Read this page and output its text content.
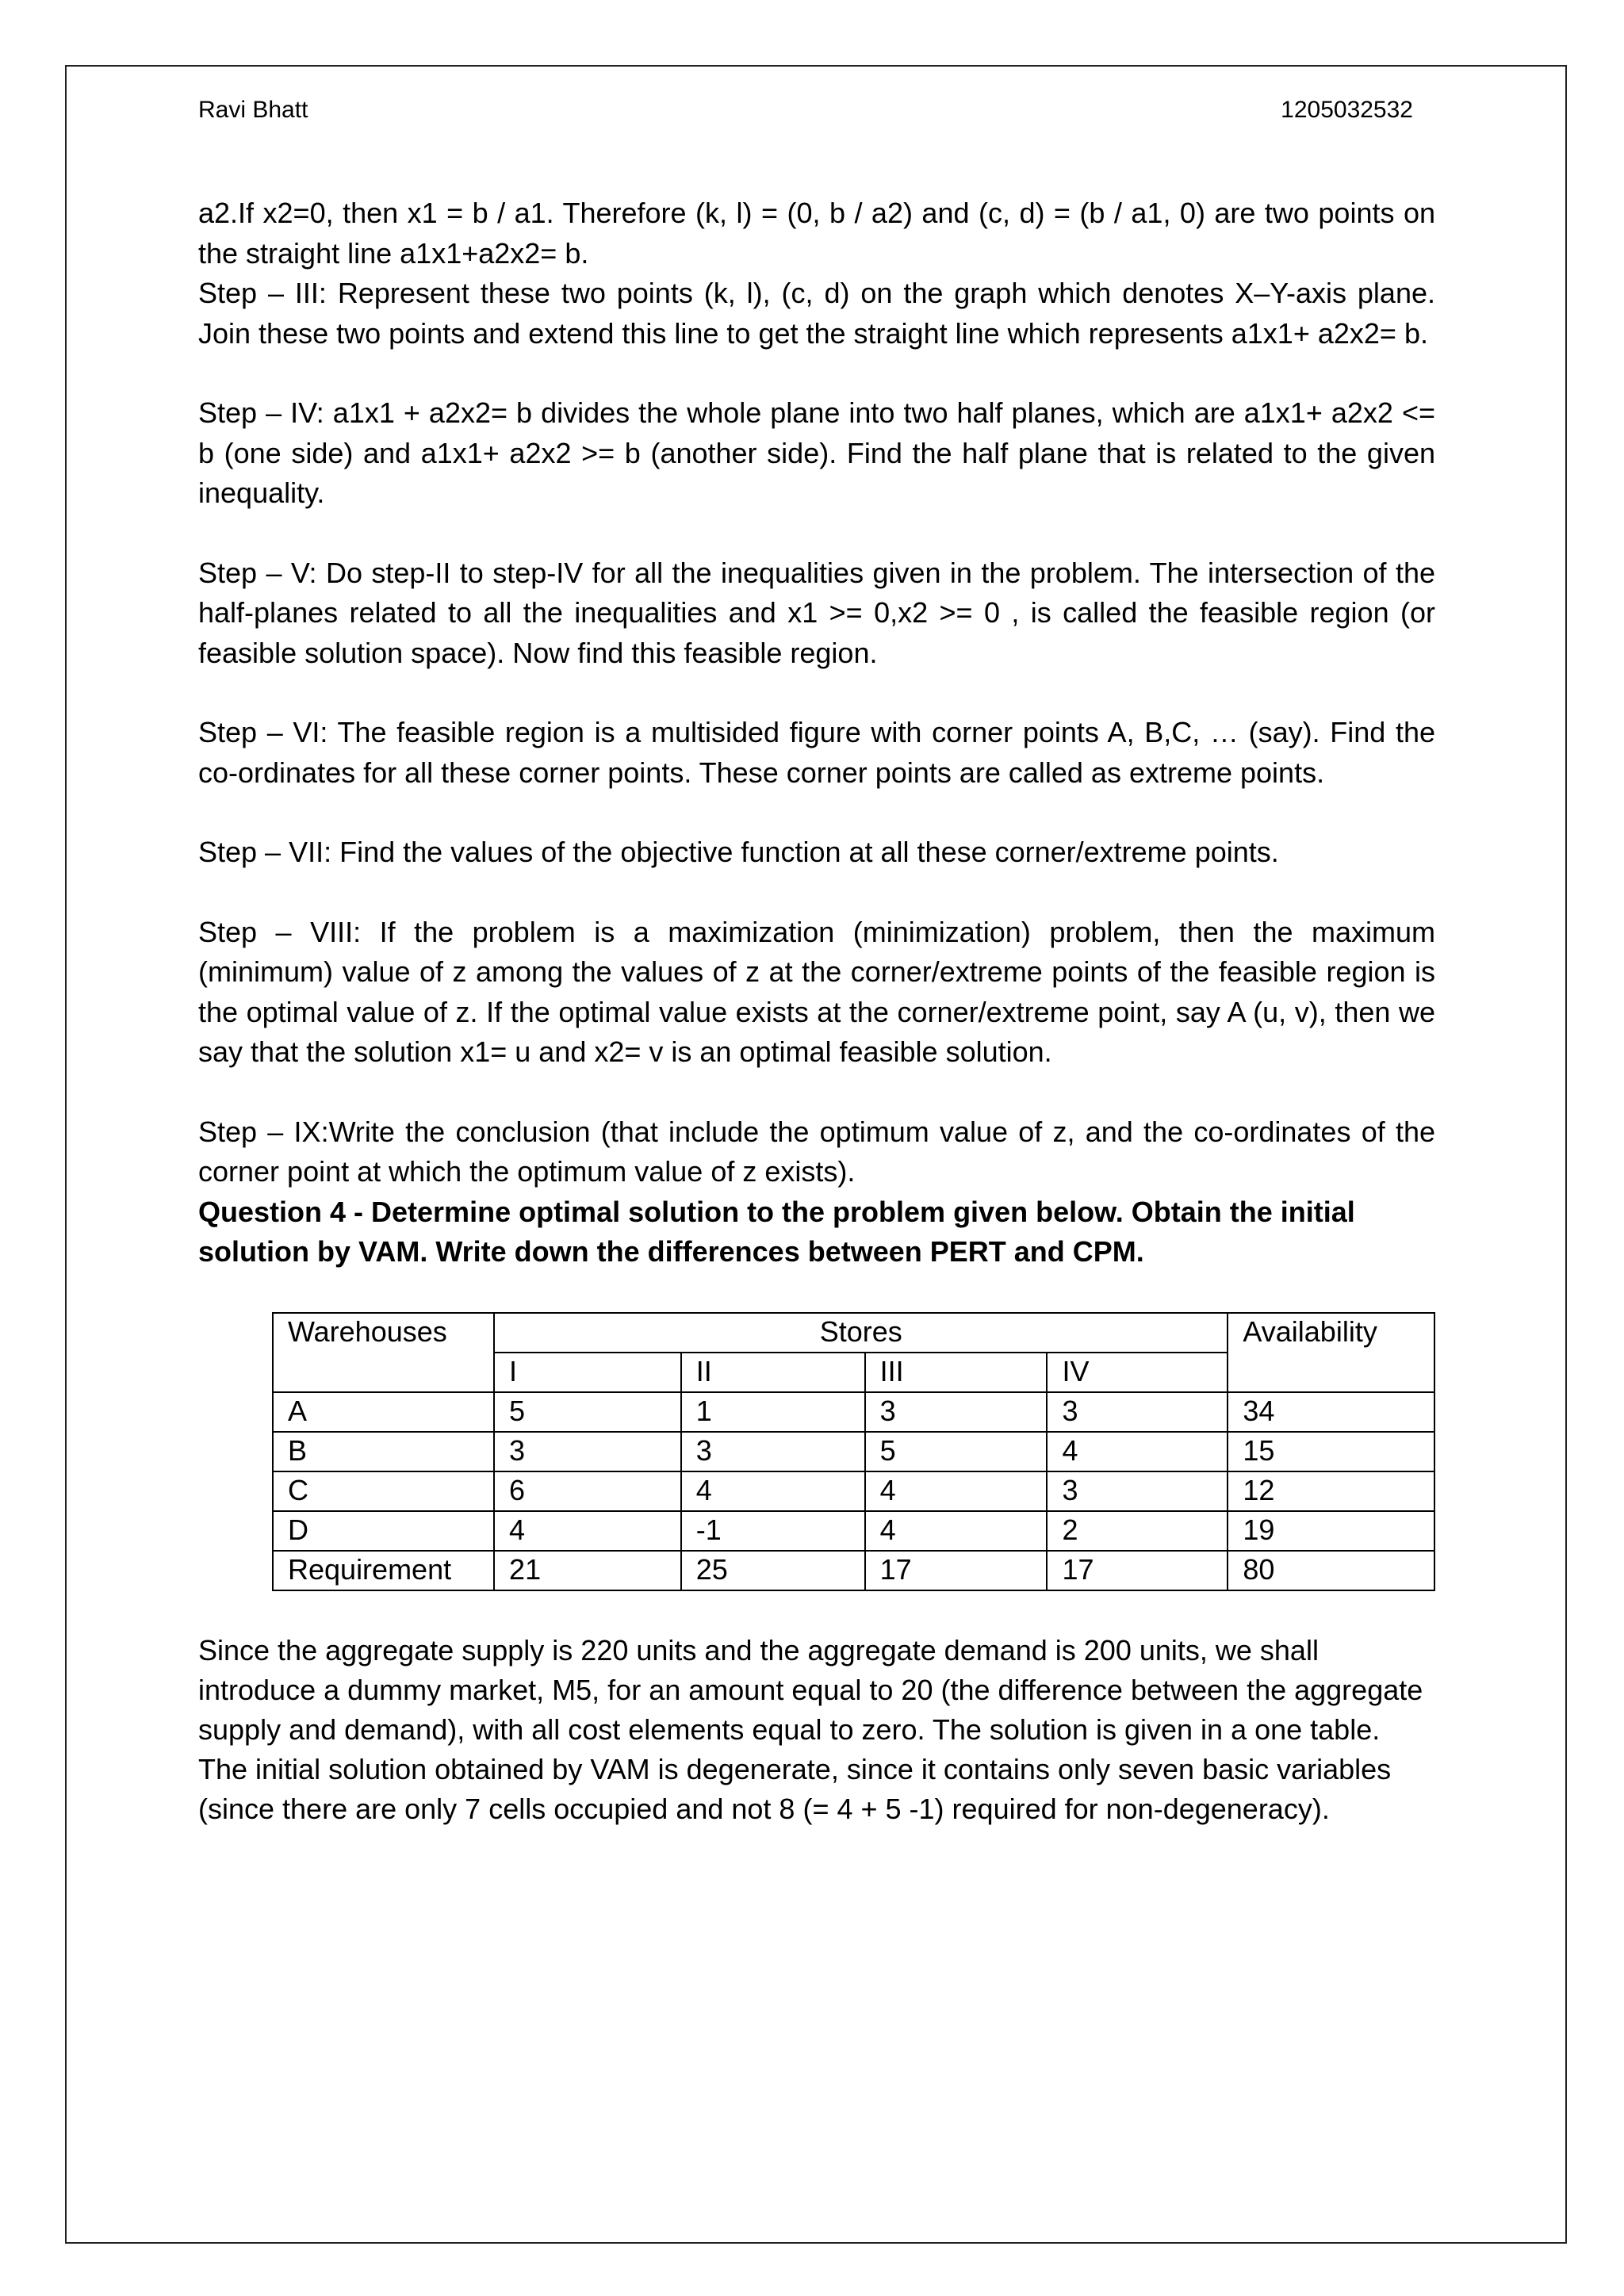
Ravi Bhatt	1205032532

a2.If x2=0, then x1 = b / a1. Therefore (k, l) = (0, b / a2) and (c, d) = (b / a1, 0) are two points on the straight line a1x1+a2x2= b.

Step – III: Represent these two points (k, l), (c, d) on the graph which denotes X–Y-axis plane. Join these two points and extend this line to get the straight line which represents a1x1+ a2x2= b.

Step – IV: a1x1 + a2x2= b divides the whole plane into two half planes, which are a1x1+ a2x2 <= b (one side) and a1x1+ a2x2 >= b (another side). Find the half plane that is related to the given inequality.

Step – V: Do step-II to step-IV for all the inequalities given in the problem. The intersection of the half-planes related to all the inequalities and x1 >= 0,x2 >= 0 , is called the feasible region (or feasible solution space). Now find this feasible region.

Step – VI: The feasible region is a multisided figure with corner points A, B,C, … (say). Find the co-ordinates for all these corner points. These corner points are called as extreme points.

Step – VII: Find the values of the objective function at all these corner/extreme points.

Step – VIII: If the problem is a maximization (minimization) problem, then the maximum (minimum) value of z among the values of z at the corner/extreme points of the feasible region is the optimal value of z. If the optimal value exists at the corner/extreme point, say A (u, v), then we say that the solution x1= u and x2= v is an optimal feasible solution.

Step – IX:Write the conclusion (that include the optimum value of z, and the co-ordinates of the corner point at which the optimum value of z exists).

Question 4 - Determine optimal solution to the problem given below. Obtain the initial solution by VAM. Write down the differences between PERT and CPM.

Warehouses	Stores				Availability
	I	II	III	IV	
A	5	1	3	3	34
B	3	3	5	4	15
C	6	4	4	3	12
D	4	-1	4	2	19
Requirement	21	25	17	17	80

Since the aggregate supply is 220 units and the aggregate demand is 200 units, we shall introduce a dummy market, M5, for an amount equal to 20 (the difference between the aggregate supply and demand), with all cost elements equal to zero. The solution is given in a one table. The initial solution obtained by VAM is degenerate, since it contains only seven basic variables (since there are only 7 cells occupied and not 8 (= 4 + 5 -1) required for non-degeneracy).
